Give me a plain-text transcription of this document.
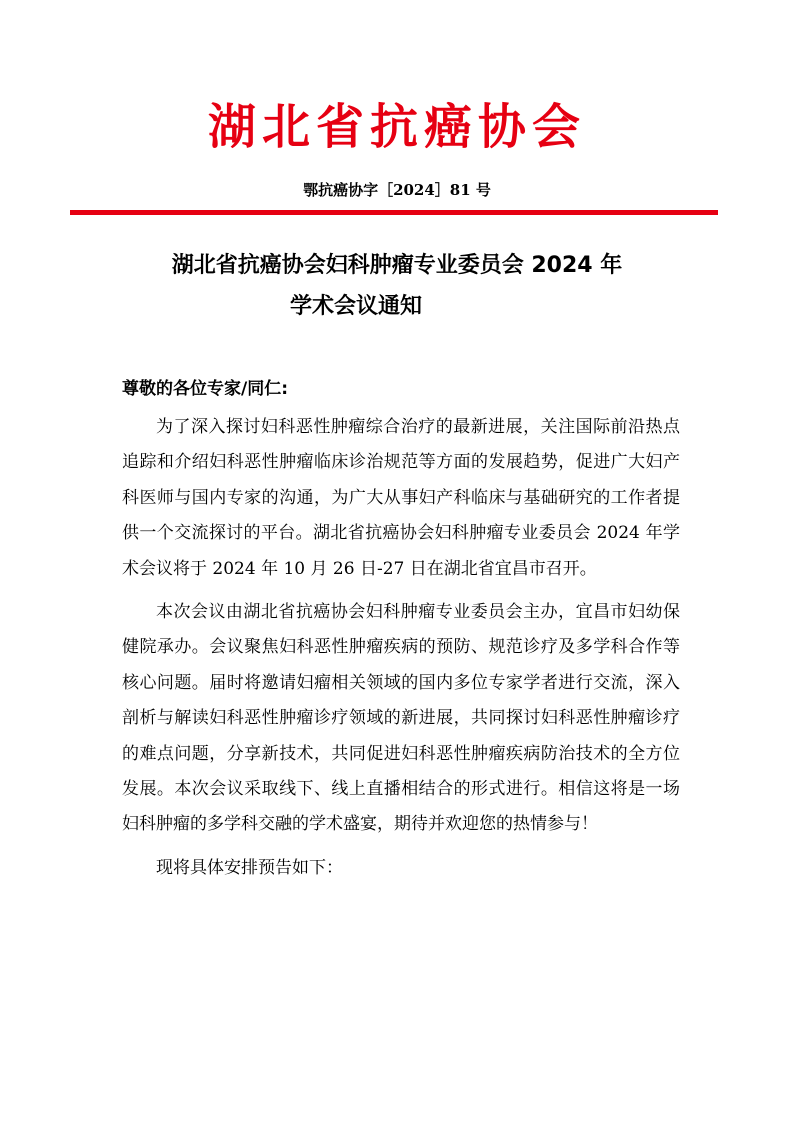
湖北省抗癌协会
鄂抗癌协字［2024］81 号
湖北省抗癌协会妇科肿瘤专业委员会 2024 年
学术会议通知
尊敬的各位专家/同仁:

为了深入探讨妇科恶性肿瘤综合治疗的最新进展，关注国际前沿热点追踪和介绍妇科恶性肿瘤临床诊治规范等方面的发展趋势，促进广大妇产科医师与国内专家的沟通，为广大从事妇产科临床与基础研究的工作者提供一个交流探讨的平台。湖北省抗癌协会妇科肿瘤专业委员会 2024 年学术会议将于 2024 年 10 月 26 日-27 日在湖北省宜昌市召开。

本次会议由湖北省抗癌协会妇科肿瘤专业委员会主办，宜昌市妇幼保健院承办。会议聚焦妇科恶性肿瘤疾病的预防、规范诊疗及多学科合作等核心问题。届时将邀请妇瘤相关领域的国内多位专家学者进行交流，深入剖析与解读妇科恶性肿瘤诊疗领域的新进展，共同探讨妇科恶性肿瘤诊疗的难点问题，分享新技术，共同促进妇科恶性肿瘤疾病防治技术的全方位发展。本次会议采取线下、线上直播相结合的形式进行。相信这将是一场妇科肿瘤的多学科交融的学术盛宴，期待并欢迎您的热情参与！

现将具体安排预告如下：
